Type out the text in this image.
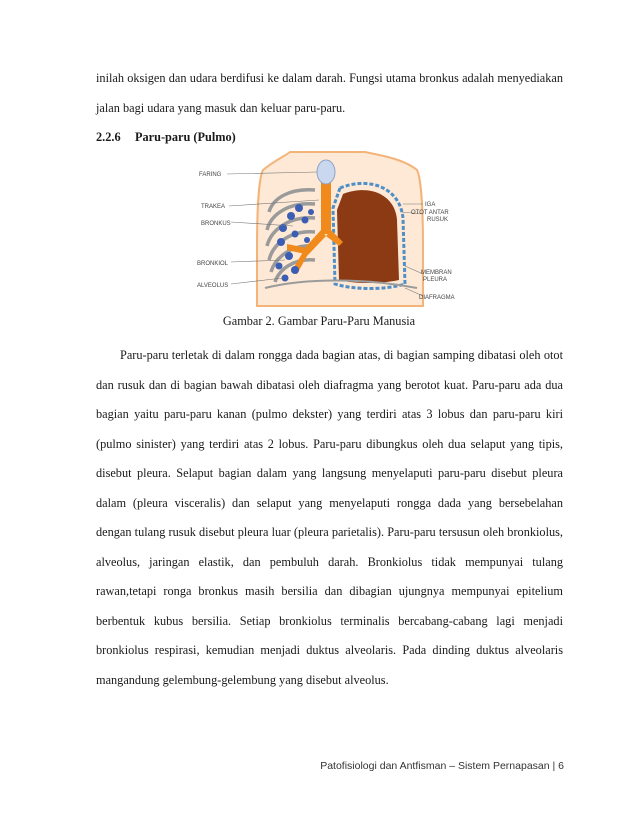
inilah oksigen dan udara berdifusi ke dalam darah. Fungsi utama bronkus adalah menyediakan jalan bagi udara yang masuk dan keluar paru-paru.
2.2.6 Paru-paru (Pulmo)
FARING
TRAKEA
BRONKUS
BRONKIOL
ALVEOLUS
IGA
OTOT ANTAR
RUSUK
MEMBRAN
PLEURA
DIAFRAGMA
Gambar 2. Gambar Paru-Paru Manusia
Paru-paru terletak di dalam rongga dada bagian atas, di bagian samping dibatasi oleh otot dan rusuk dan di bagian bawah dibatasi oleh diafragma yang berotot kuat. Paru-paru ada dua bagian yaitu paru-paru kanan (pulmo dekster) yang terdiri atas 3 lobus dan paru-paru kiri (pulmo sinister) yang terdiri atas 2 lobus. Paru-paru dibungkus oleh dua selaput yang tipis, disebut pleura. Selaput bagian dalam yang langsung menyelaputi paru-paru disebut pleura dalam (pleura visceralis) dan selaput yang menyelaputi rongga dada yang bersebelahan dengan tulang rusuk disebut pleura luar (pleura parietalis). Paru-paru tersusun oleh bronkiolus, alveolus, jaringan elastik, dan pembuluh darah. Bronkiolus tidak mempunyai tulang rawan,tetapi ronga bronkus masih bersilia dan dibagian ujungnya mempunyai epitelium berbentuk kubus bersilia. Setiap bronkiolus terminalis bercabang-cabang lagi menjadi bronkiolus respirasi, kemudian menjadi duktus alveolaris. Pada dinding duktus alveolaris mangandung gelembung-gelembung yang disebut alveolus.
Patofisiologi dan Antfisman – Sistem Pernapasan | 6
